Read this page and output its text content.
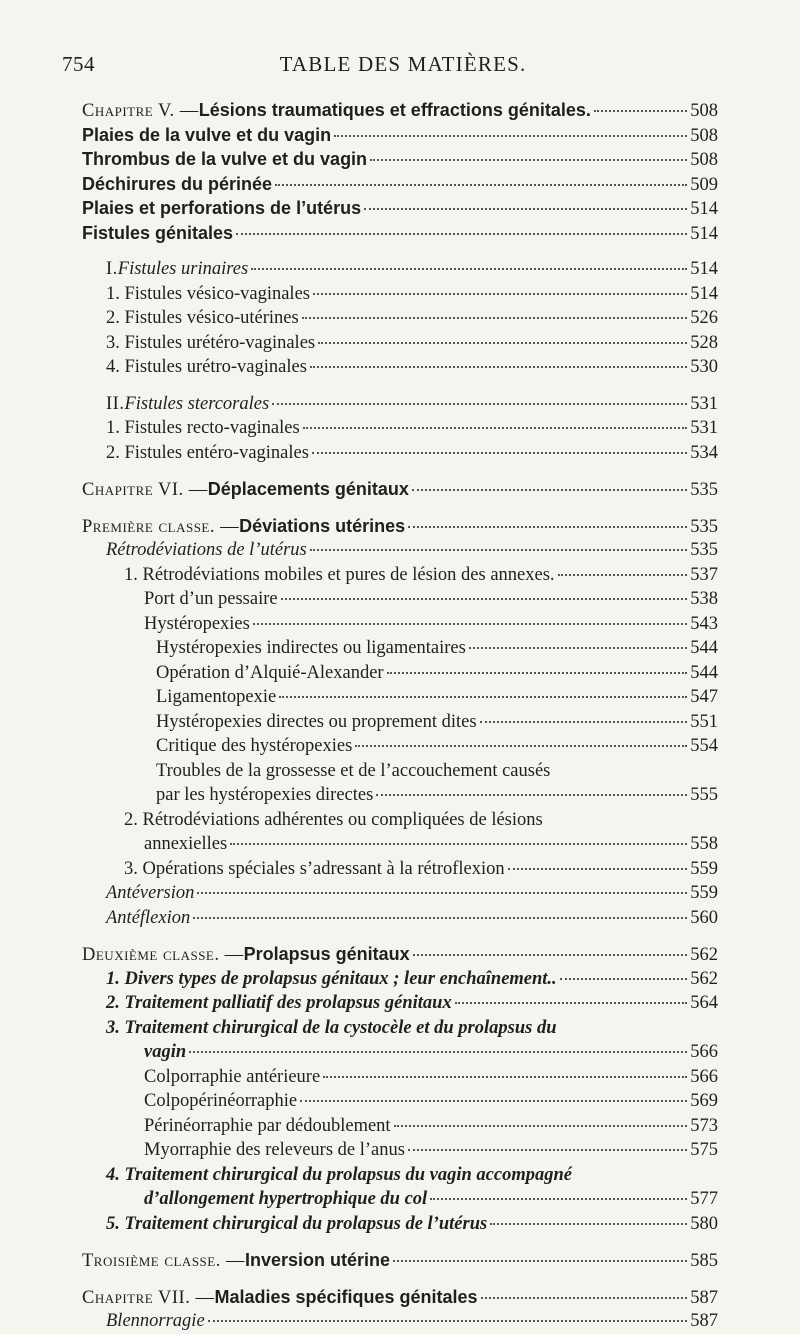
754	TABLE DES MATIÈRES.
Chapitre V. — Lésions traumatiques et effractions génitales.	508
Plaies de la vulve et du vagin	508
Thrombus de la vulve et du vagin	508
Déchirures du périnée	509
Plaies et perforations de l’utérus	514
Fistules génitales	514
I. Fistules urinaires	514
1. Fistules vésico-vaginales	514
2. Fistules vésico-utérines	526
3. Fistules urétéro-vaginales	528
4. Fistules urétro-vaginales	530
II. Fistules stercorales	531
1. Fistules recto-vaginales	531
2. Fistules entéro-vaginales	534
Chapitre VI. — Déplacements génitaux	535
Première classe. — Déviations utérines	535
Rétrodéviations de l’utérus	535
1. Rétrodéviations mobiles et pures de lésion des annexes.	537
Port d’un pessaire	538
Hystéropexies	543
Hystéropexies indirectes ou ligamentaires	544
Opération d’Alquié-Alexander	544
Ligamentopexie	547
Hystéropexies directes ou proprement dites	551
Critique des hystéropexies	554
Troubles de la grossesse et de l’accouchement causés
par les hystéropexies directes	555
2. Rétrodéviations adhérentes ou compliquées de lésions
annexielles	558
3. Opérations spéciales s’adressant à la rétroflexion	559
Antéversion	559
Antéflexion	560
Deuxième classe. — Prolapsus génitaux	562
1. Divers types de prolapsus génitaux ; leur enchaînement..	562
2. Traitement palliatif des prolapsus génitaux	564
3. Traitement chirurgical de la cystocèle et du prolapsus du
vagin	566
Colporraphie antérieure	566
Colpopérinéorraphie	569
Périnéorraphie par dédoublement	573
Myorraphie des releveurs de l’anus	575
4. Traitement chirurgical du prolapsus du vagin accompagné
d’allongement hypertrophique du col	577
5. Traitement chirurgical du prolapsus de l’utérus	580
Troisième classe. — Inversion utérine	585
Chapitre VII. — Maladies spécifiques génitales	587
Blennorragie	587
